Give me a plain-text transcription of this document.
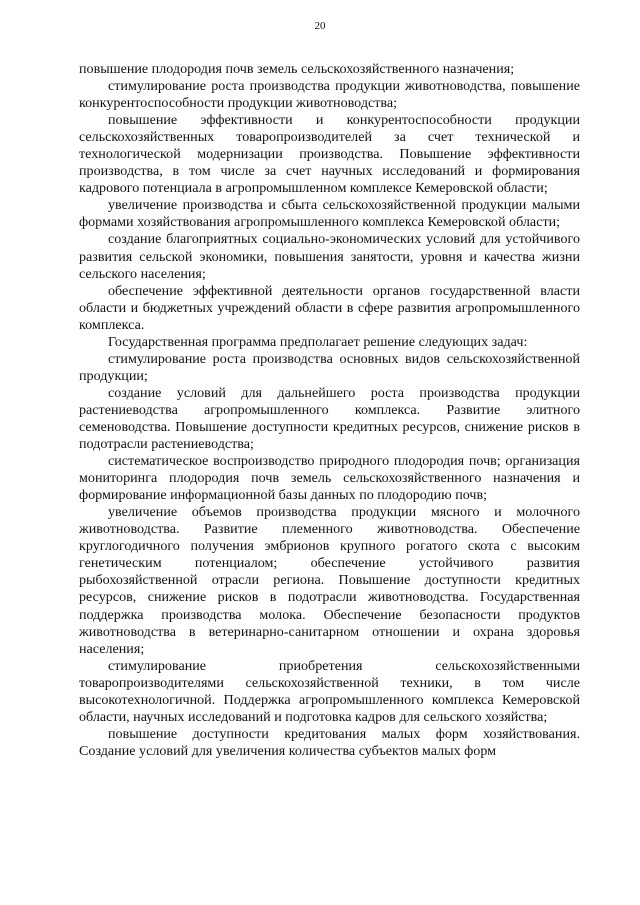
20

повышение плодородия почв земель сельскохозяйственного назначения;

стимулирование роста производства продукции животноводства, повышение конкурентоспособности продукции животноводства;

повышение эффективности и конкурентоспособности продукции сельскохозяйственных товаропроизводителей за счет технической и технологической модернизации производства. Повышение эффективности производства, в том числе за счет научных исследований и формирования кадрового потенциала в агропромышленном комплексе Кемеровской области;

увеличение производства и сбыта сельскохозяйственной продукции малыми формами хозяйствования агропромышленного комплекса Кемеровской области;

создание благоприятных социально-экономических условий для устойчивого развития сельской экономики, повышения занятости, уровня и качества жизни сельского населения;

обеспечение эффективной деятельности органов государственной власти области и бюджетных учреждений области в сфере развития агропромышленного комплекса.

Государственная программа предполагает решение следующих задач:

стимулирование роста производства основных видов сельскохозяйственной продукции;

создание условий для дальнейшего роста производства продукции растениеводства агропромышленного комплекса. Развитие элитного семеноводства. Повышение доступности кредитных ресурсов, снижение рисков в подотрасли растениеводства;

систематическое воспроизводство природного плодородия почв; организация мониторинга плодородия почв земель сельскохозяйственного назначения и формирование информационной базы данных по плодородию почв;

увеличение объемов производства продукции мясного и молочного животноводства. Развитие племенного животноводства. Обеспечение круглогодичного получения эмбрионов крупного рогатого скота с высоким генетическим потенциалом; обеспечение устойчивого развития рыбохозяйственной отрасли региона. Повышение доступности кредитных ресурсов, снижение рисков в подотрасли животноводства. Государственная поддержка производства молока. Обеспечение безопасности продуктов животноводства в ветеринарно-санитарном отношении и охрана здоровья населения;

стимулирование приобретения сельскохозяйственными товаропроизводителями сельскохозяйственной техники, в том числе высокотехнологичной. Поддержка агропромышленного комплекса Кемеровской области, научных исследований и подготовка кадров для сельского хозяйства;

повышение доступности кредитования малых форм хозяйствования. Создание условий для увеличения количества субъектов малых форм
